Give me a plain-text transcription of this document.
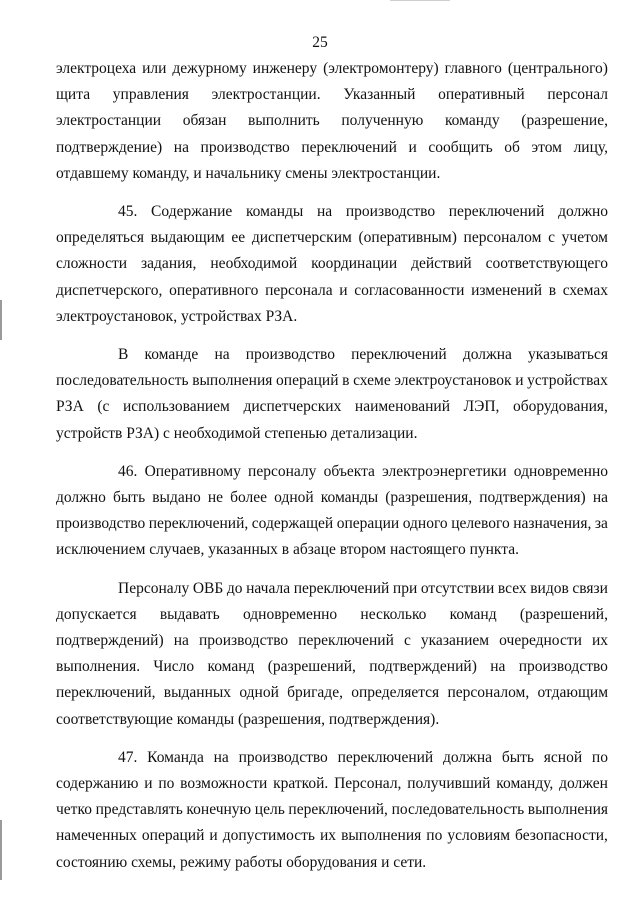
25
электроцеха или дежурному инженеру (электромонтеру) главного (центрального)
щита управления электростанции. Указанный оперативный персонал
электростанции обязан выполнить полученную команду (разрешение,
подтверждение) на производство переключений и сообщить об этом лицу,
отдавшему команду, и начальнику смены электростанции.
45. Содержание команды на производство переключений должно
определяться выдающим ее диспетчерским (оперативным) персоналом с учетом
сложности задания, необходимой координации действий соответствующего
диспетчерского, оперативного персонала и согласованности изменений в схемах
электроустановок, устройствах РЗА.
В команде на производство переключений должна указываться
последовательность выполнения операций в схеме электроустановок и устройствах
РЗА (с использованием диспетчерских наименований ЛЭП, оборудования,
устройств РЗА) с необходимой степенью детализации.
46. Оперативному персоналу объекта электроэнергетики одновременно
должно быть выдано не более одной команды (разрешения, подтверждения) на
производство переключений, содержащей операции одного целевого назначения, за
исключением случаев, указанных в абзаце втором настоящего пункта.
Персоналу ОВБ до начала переключений при отсутствии всех видов связи
допускается выдавать одновременно несколько команд (разрешений,
подтверждений) на производство переключений с указанием очередности их
выполнения. Число команд (разрешений, подтверждений) на производство
переключений, выданных одной бригаде, определяется персоналом, отдающим
соответствующие команды (разрешения, подтверждения).
47. Команда на производство переключений должна быть ясной по
содержанию и по возможности краткой. Персонал, получивший команду, должен
четко представлять конечную цель переключений, последовательность выполнения
намеченных операций и допустимость их выполнения по условиям безопасности,
состоянию схемы, режиму работы оборудования и сети.
